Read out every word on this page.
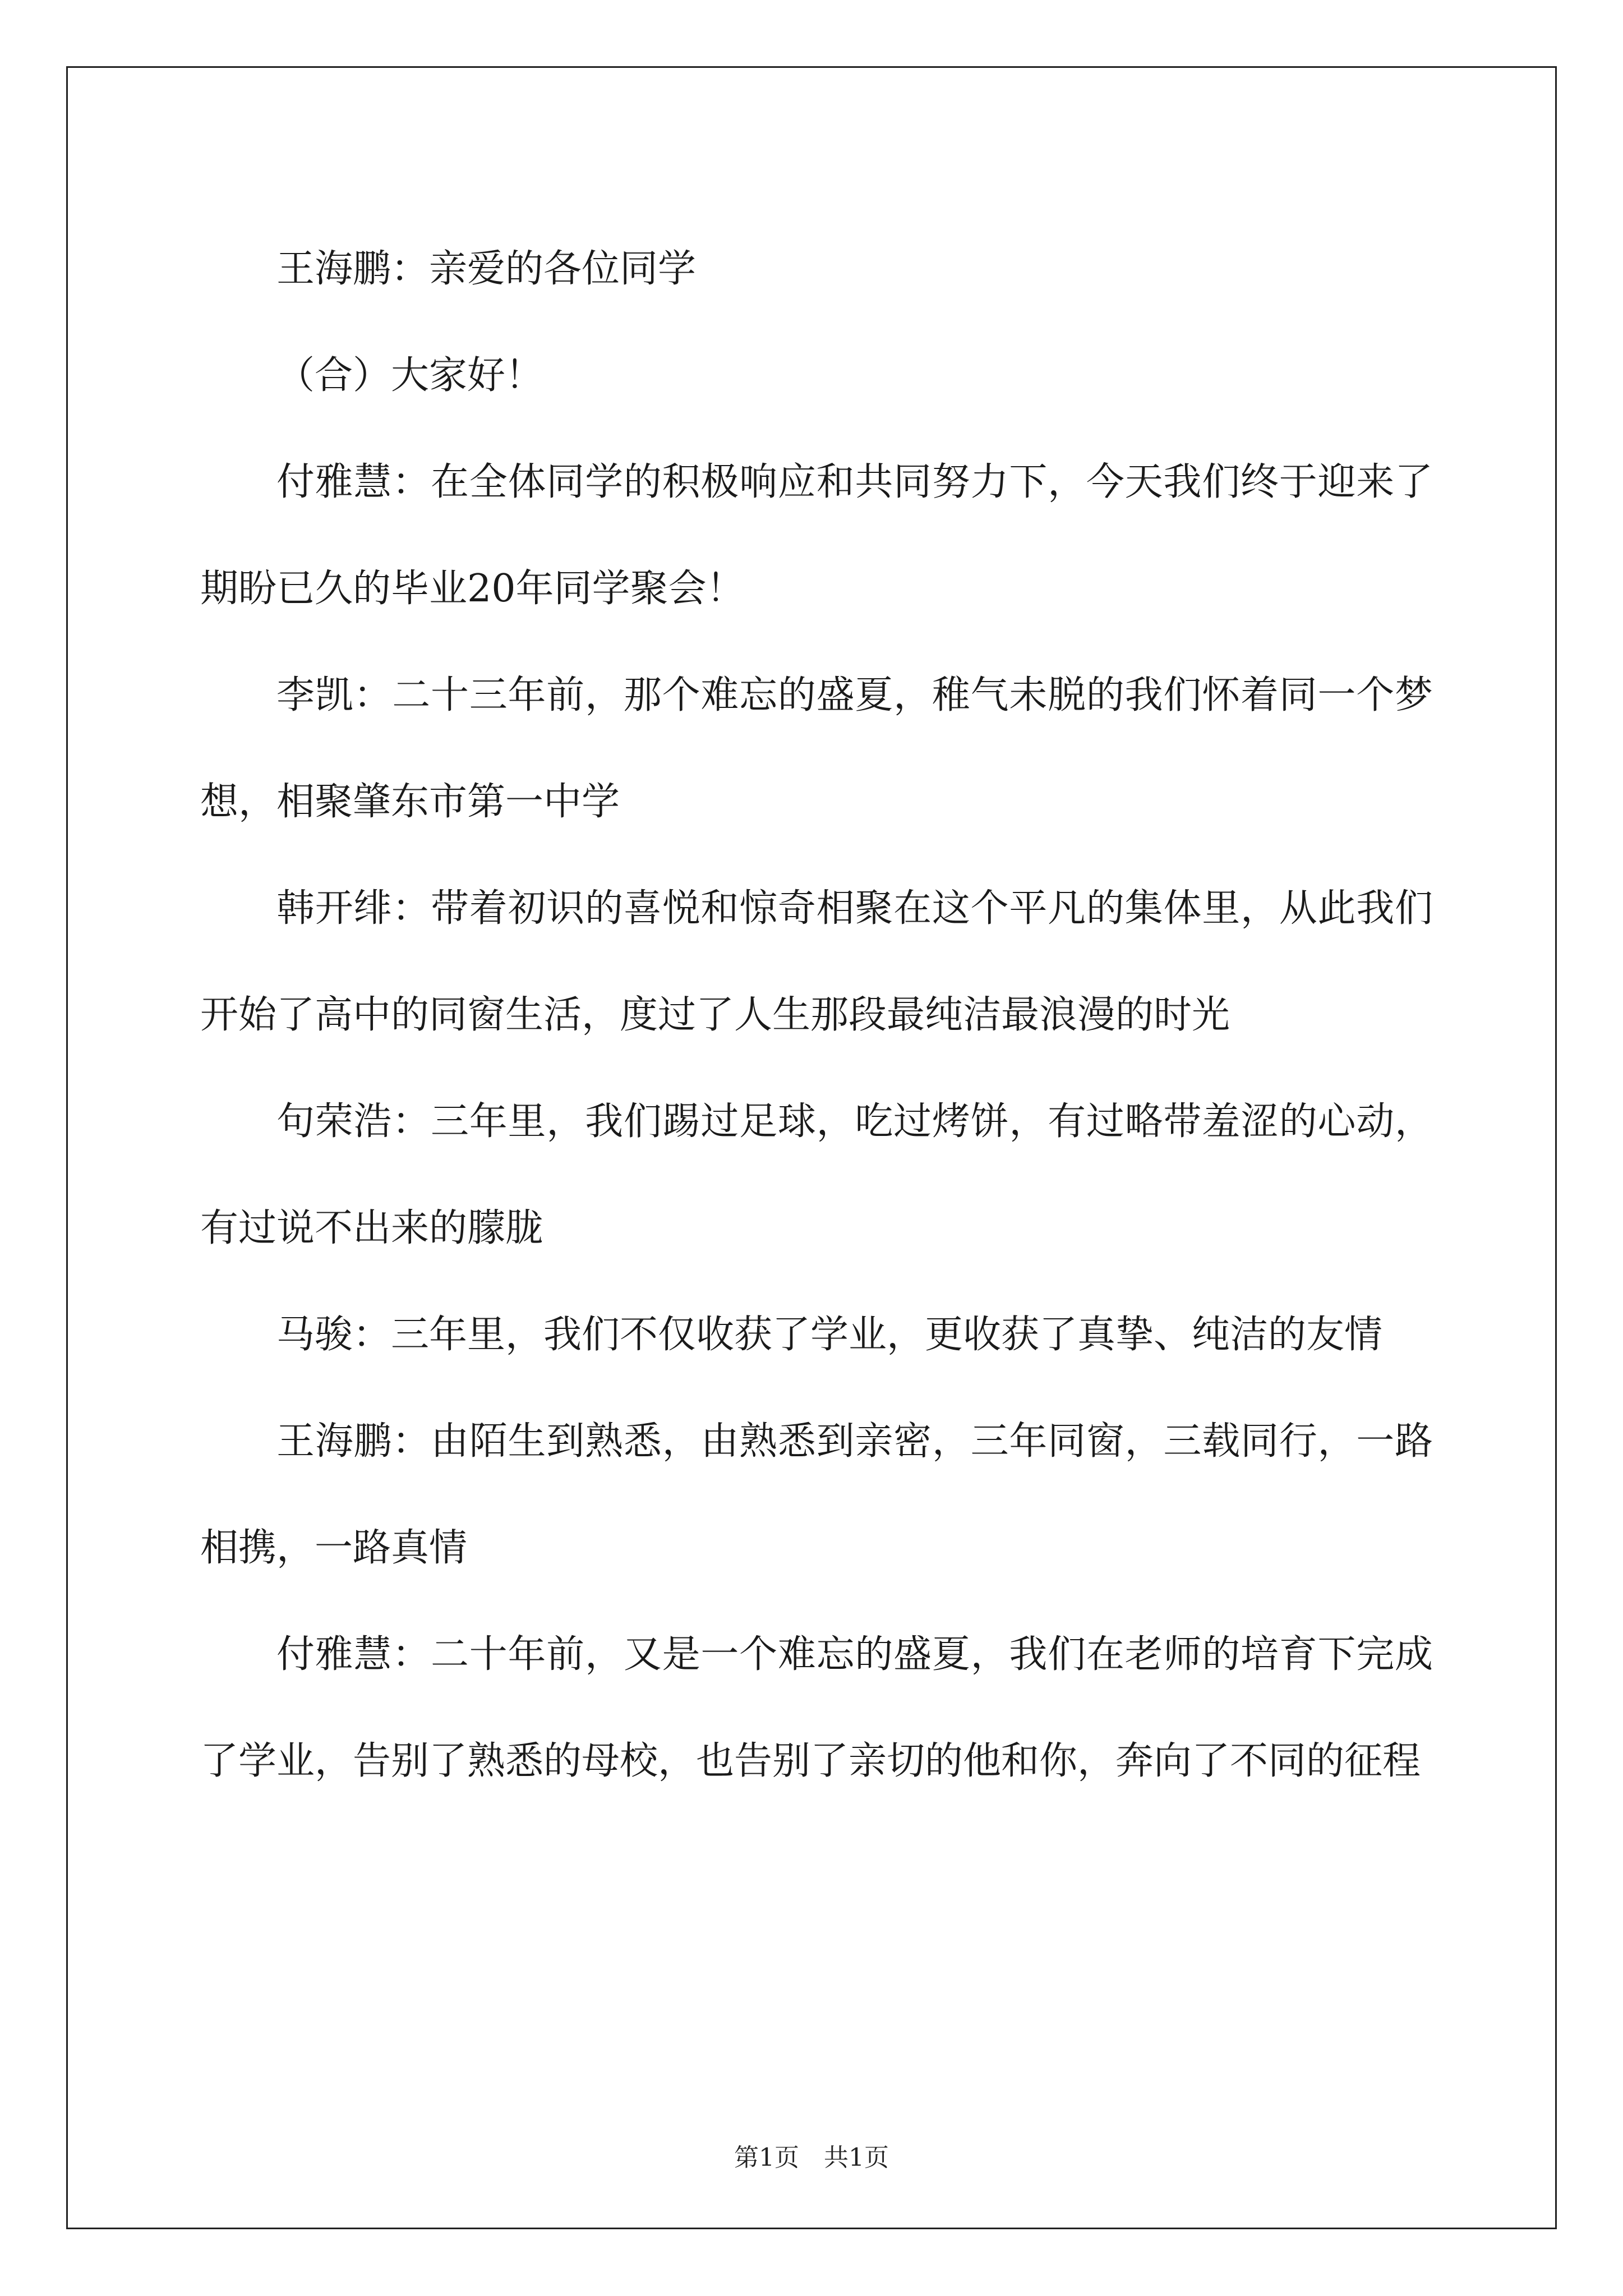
王海鹏：亲爱的各位同学

（合）大家好！

付雅慧：在全体同学的积极响应和共同努力下，今天我们终于迎来了期盼已久的毕业20年同学聚会！

李凯：二十三年前，那个难忘的盛夏，稚气未脱的我们怀着同一个梦想，相聚肇东市第一中学

韩开绯：带着初识的喜悦和惊奇相聚在这个平凡的集体里，从此我们开始了高中的同窗生活，度过了人生那段最纯洁最浪漫的时光

句荣浩：三年里，我们踢过足球，吃过烤饼，有过略带羞涩的心动，有过说不出来的朦胧

马骏：三年里，我们不仅收获了学业，更收获了真挚、纯洁的友情

王海鹏：由陌生到熟悉，由熟悉到亲密，三年同窗，三载同行，一路相携，一路真情

付雅慧：二十年前，又是一个难忘的盛夏，我们在老师的培育下完成了学业，告别了熟悉的母校，也告别了亲切的他和你，奔向了不同的征程

第1页　共1页
